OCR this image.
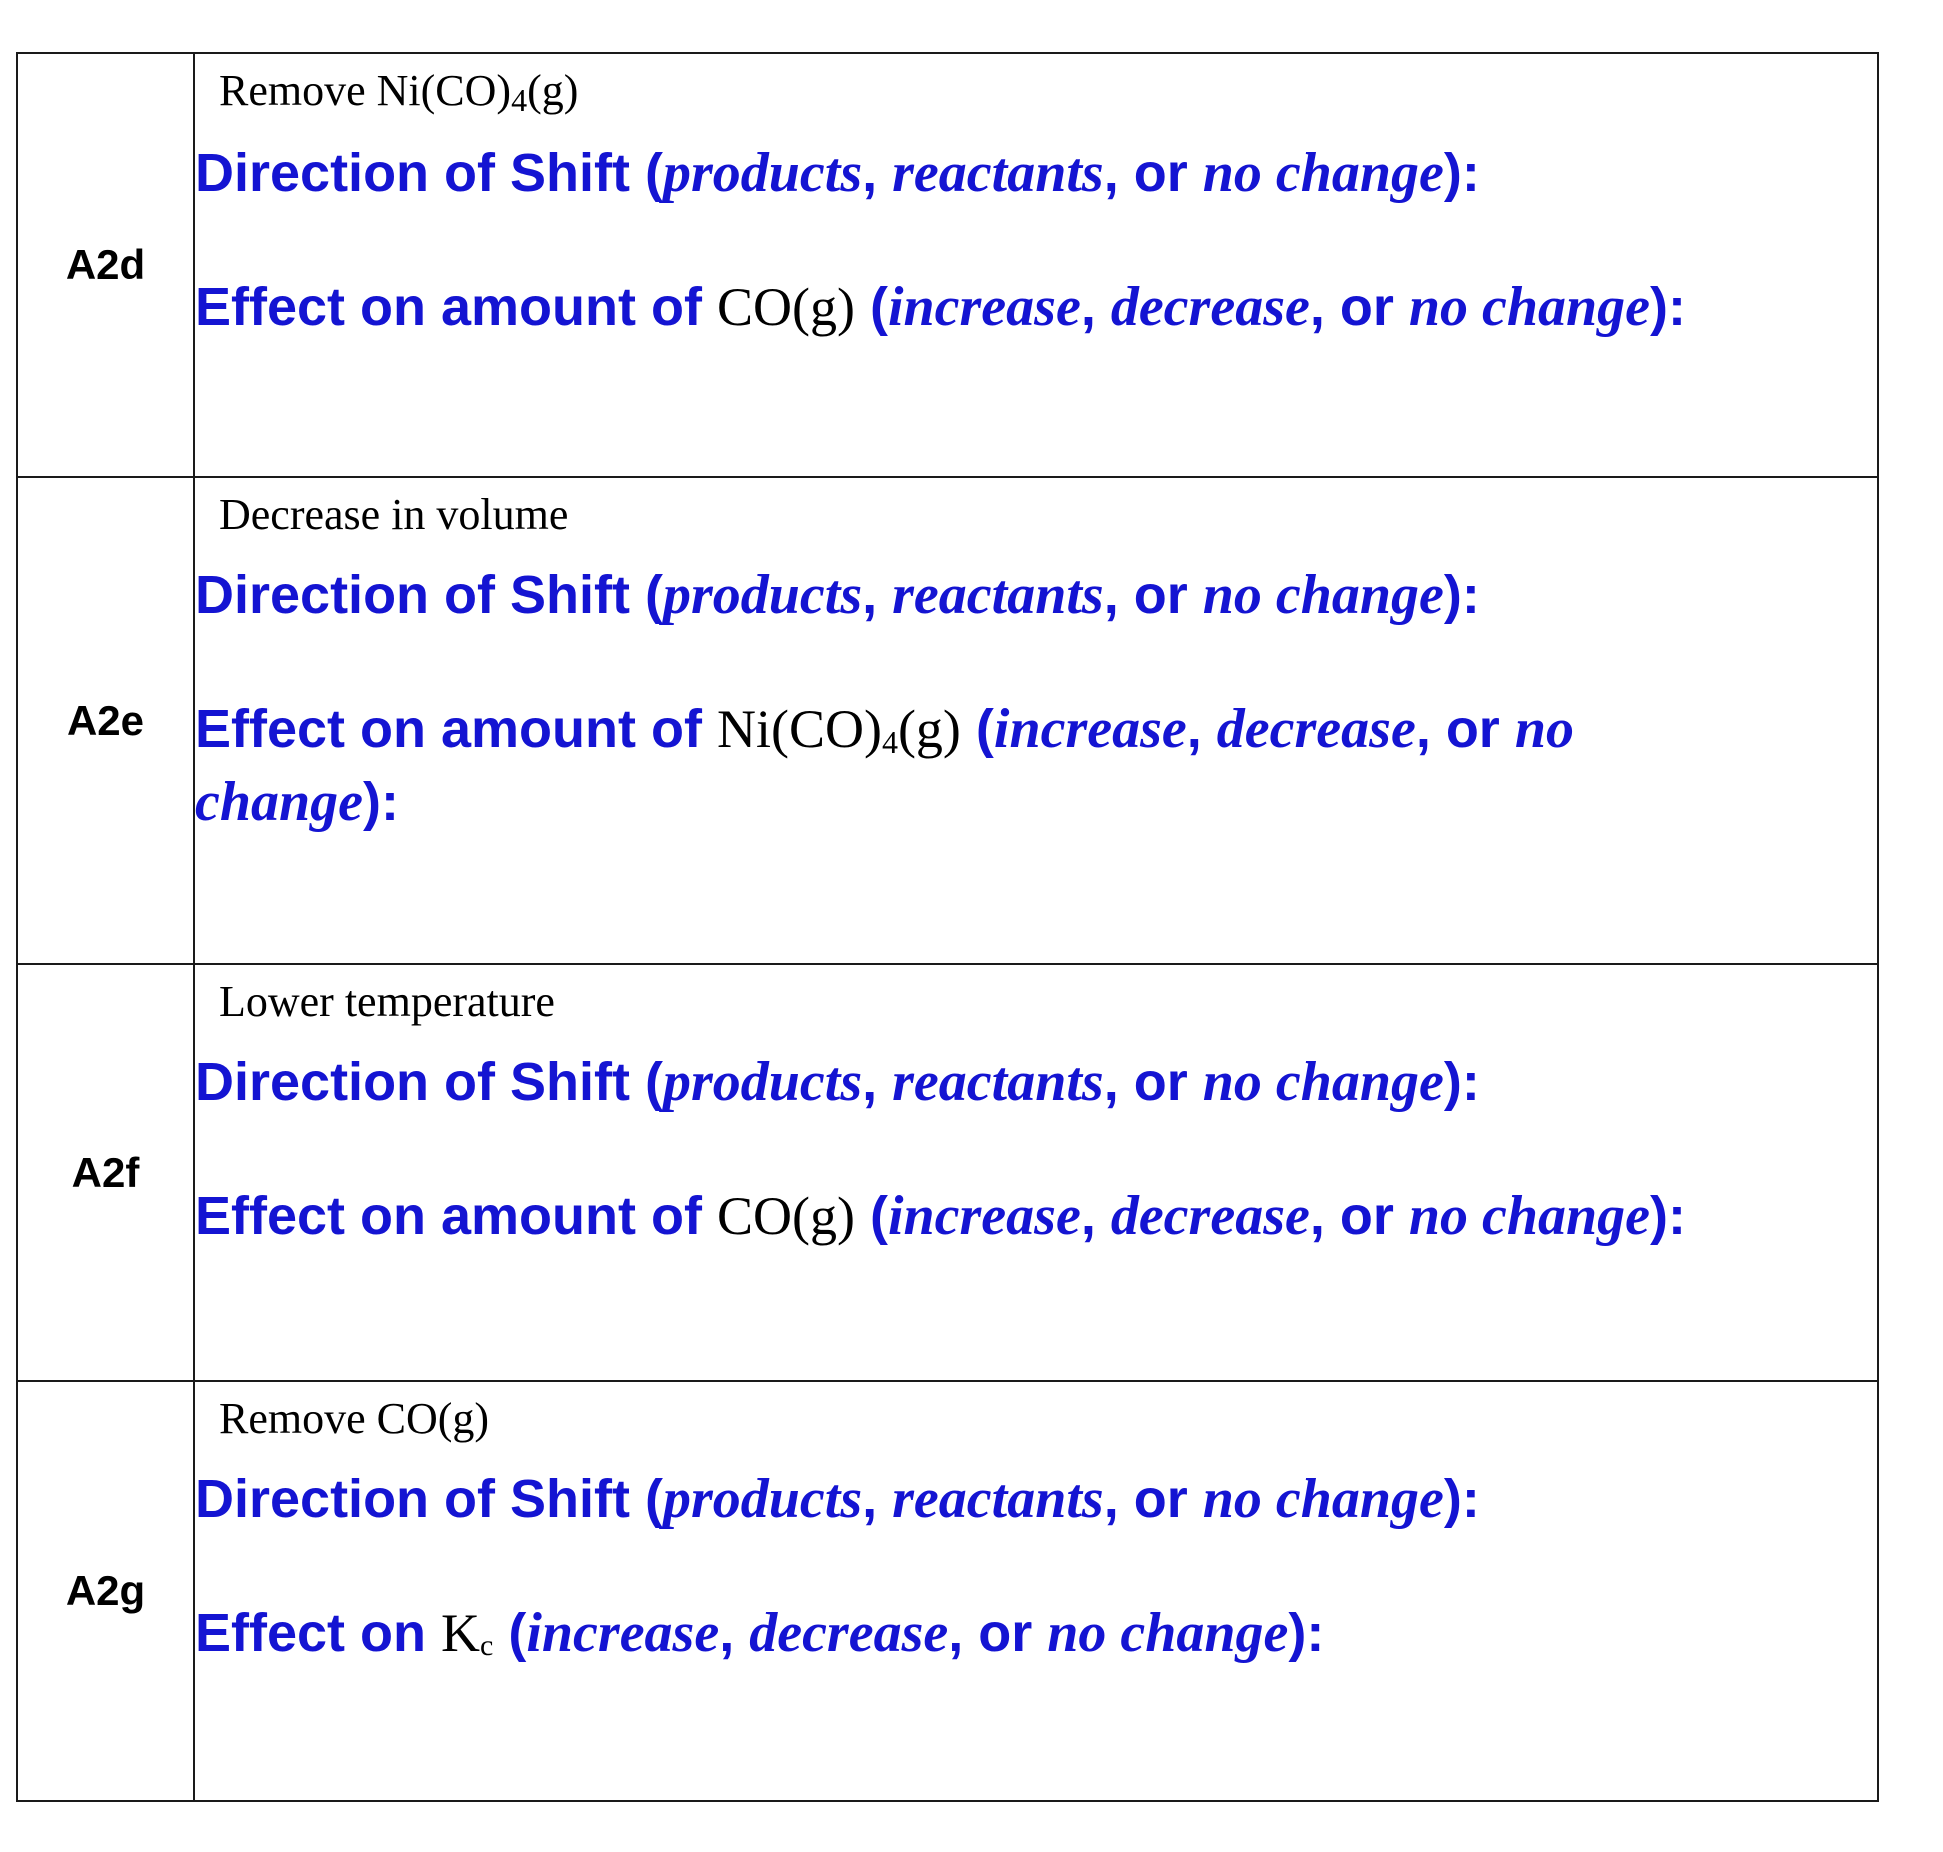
A2d	Remove $Ni(CO)_4(g)$
Direction of Shift (products, reactants, or no change):
Effect on amount of CO(g) (increase, decrease, or no change):

A2e	Decrease in volume
Direction of Shift (products, reactants, or no change):
Effect on amount of $Ni(CO)_4(g)$ (increase, decrease, or no change):

A2f	Lower temperature
Direction of Shift (products, reactants, or no change):
Effect on amount of CO(g) (increase, decrease, or no change):

A2g	Remove CO(g)
Direction of Shift (products, reactants, or no change):
Effect on $K_c$ (increase, decrease, or no change):
